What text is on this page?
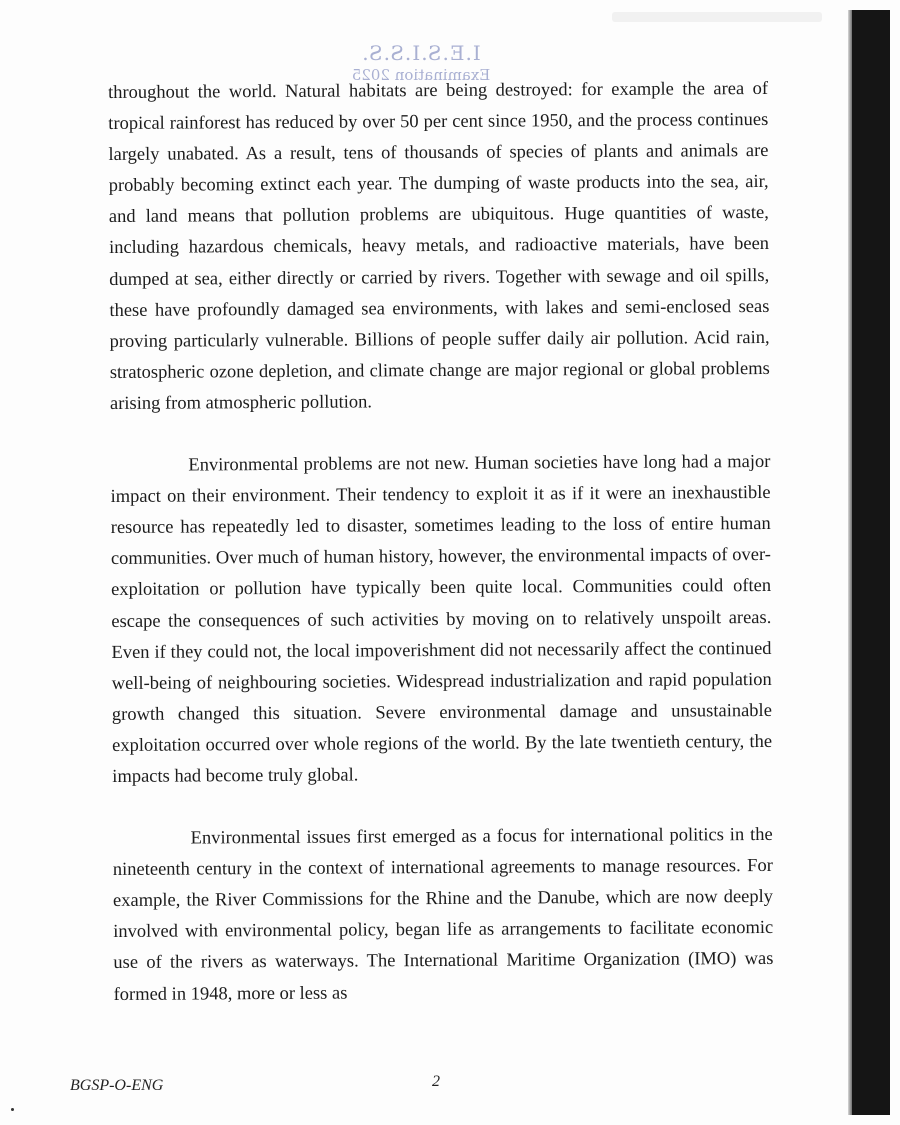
I.E.S.I.S.S.
Examination 2025

throughout the world. Natural habitats are being destroyed: for example the area of tropical rainforest has reduced by over 50 per cent since 1950, and the process continues largely unabated. As a result, tens of thousands of species of plants and animals are probably becoming extinct each year. The dumping of waste products into the sea, air, and land means that pollution problems are ubiquitous. Huge quantities of waste, including hazardous chemicals, heavy metals, and radioactive materials, have been dumped at sea, either directly or carried by rivers. Together with sewage and oil spills, these have profoundly damaged sea environments, with lakes and semi-enclosed seas proving particularly vulnerable. Billions of people suffer daily air pollution. Acid rain, stratospheric ozone depletion, and climate change are major regional or global problems arising from atmospheric pollution.

Environmental problems are not new. Human societies have long had a major impact on their environment. Their tendency to exploit it as if it were an inexhaustible resource has repeatedly led to disaster, sometimes leading to the loss of entire human communities. Over much of human history, however, the environmental impacts of over-exploitation or pollution have typically been quite local. Communities could often escape the consequences of such activities by moving on to relatively unspoilt areas. Even if they could not, the local impoverishment did not necessarily affect the continued well-being of neighbouring societies. Widespread industrialization and rapid population growth changed this situation. Severe environmental damage and unsustainable exploitation occurred over whole regions of the world. By the late twentieth century, the impacts had become truly global.

Environmental issues first emerged as a focus for international politics in the nineteenth century in the context of international agreements to manage resources. For example, the River Commissions for the Rhine and the Danube, which are now deeply involved with environmental policy, began life as arrangements to facilitate economic use of the rivers as waterways. The International Maritime Organization (IMO) was formed in 1948, more or less as

BGSP-O-ENG	2
